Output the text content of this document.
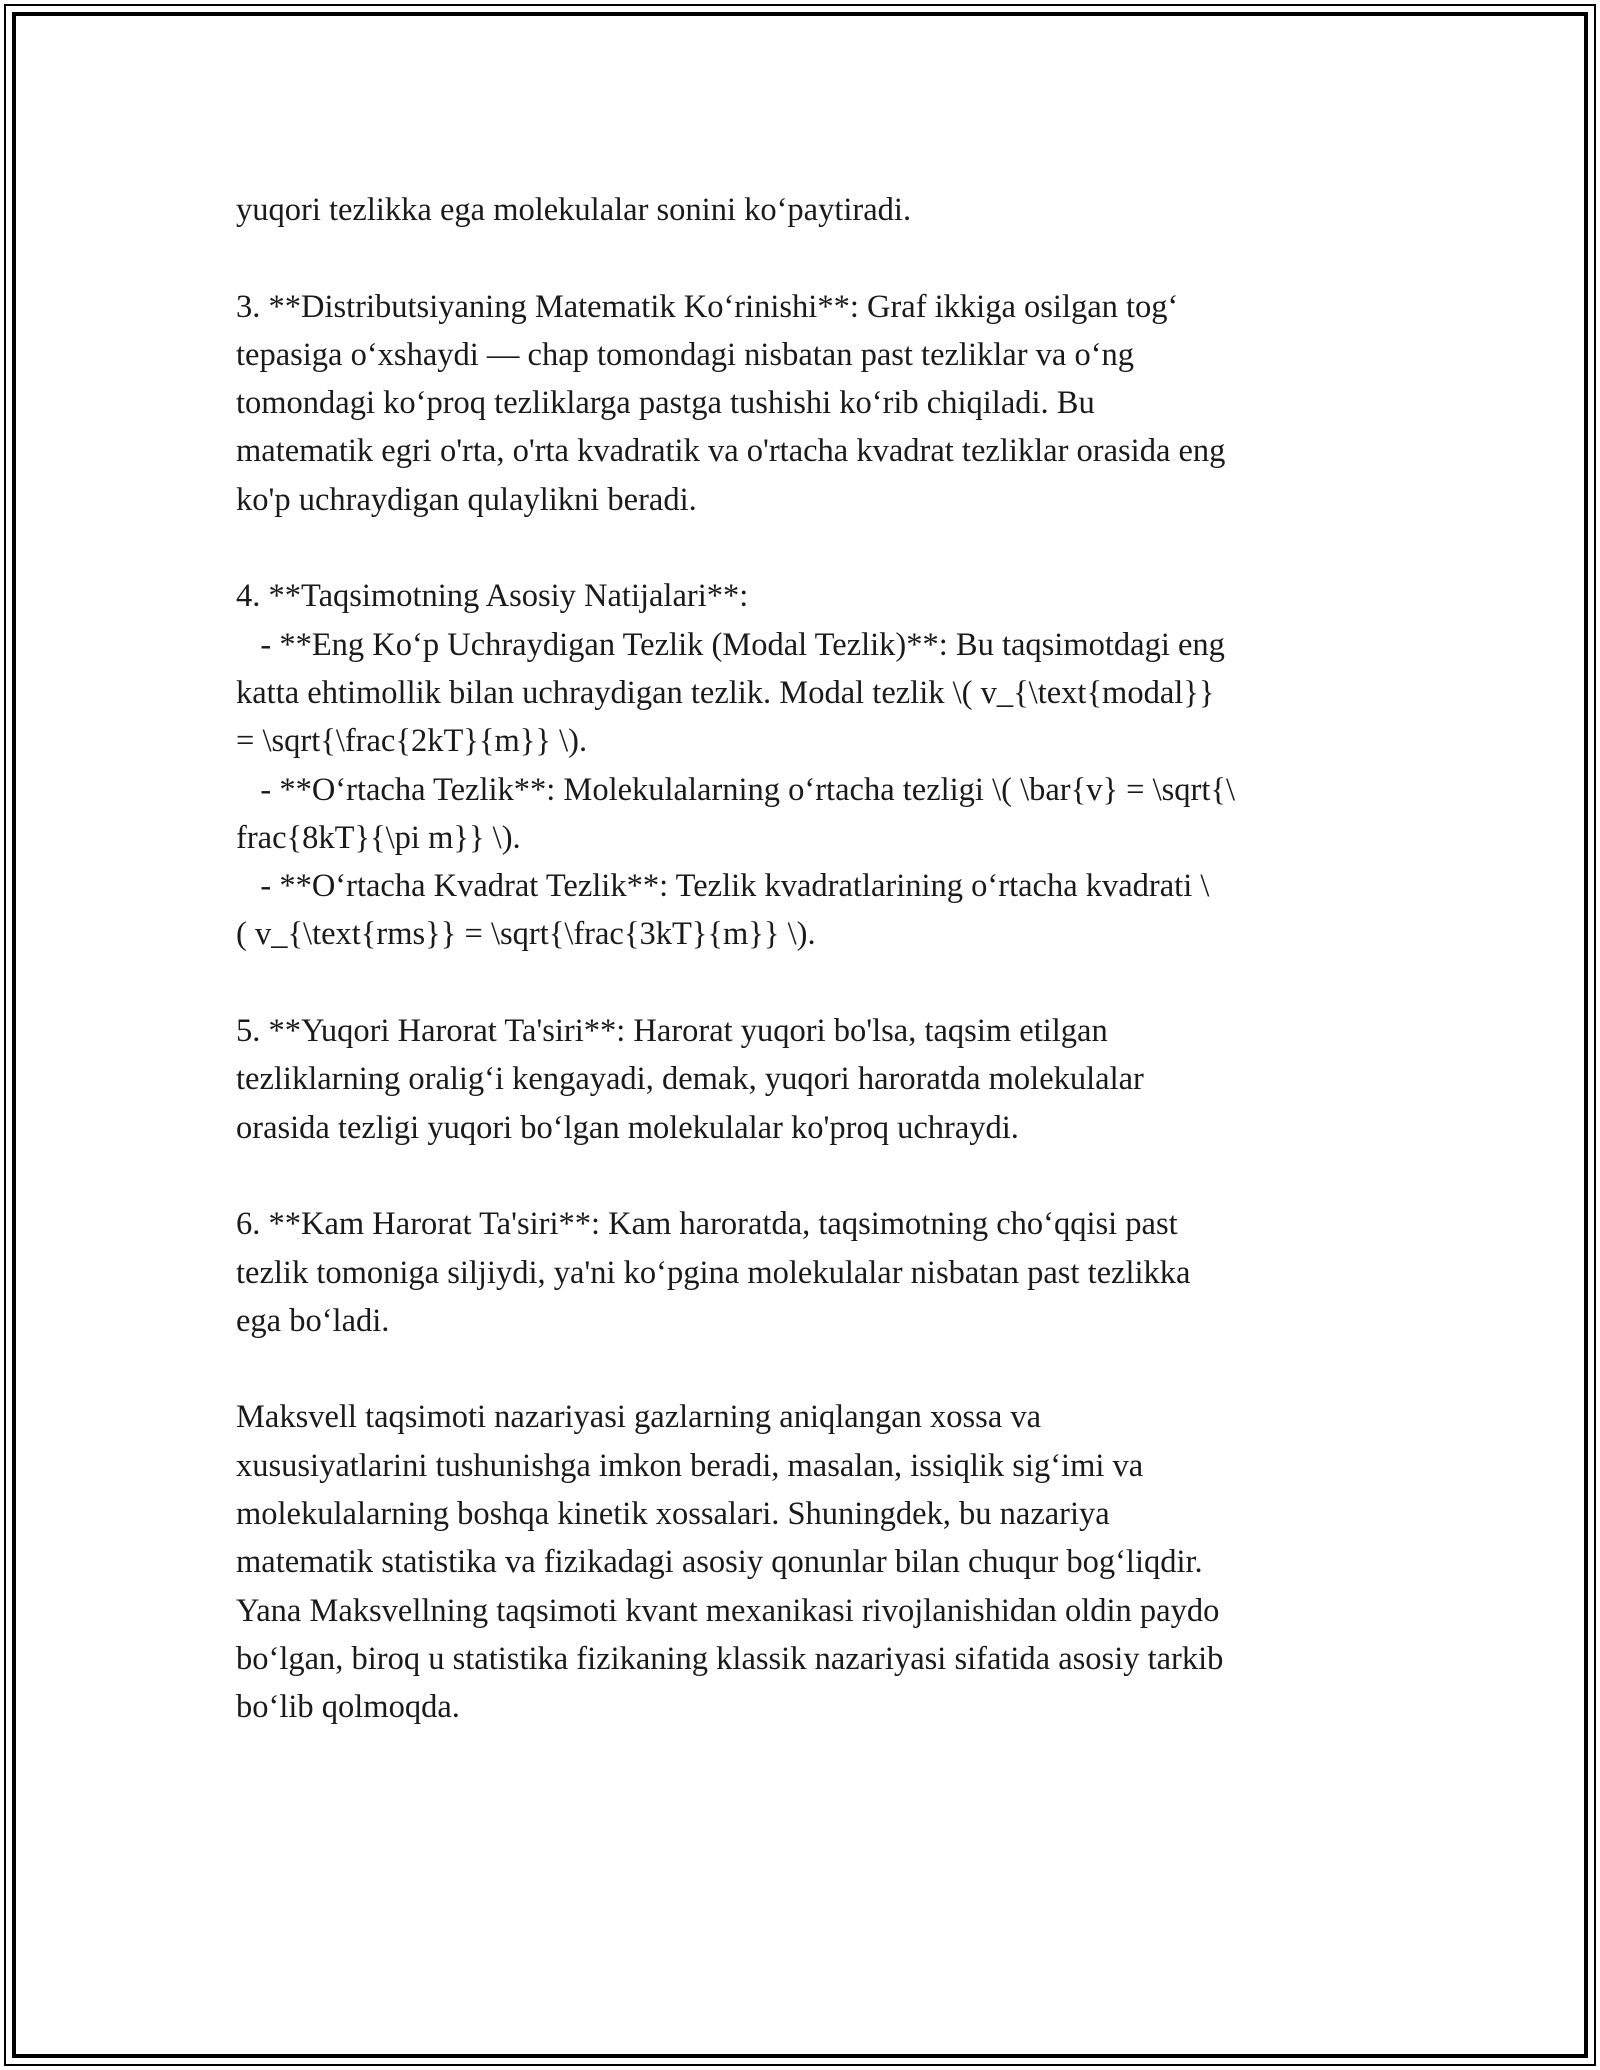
yuqori tezlikka ega molekulalar sonini ko‘paytiradi.
3. **Distributsiyaning Matematik Ko‘rinishi**: Graf ikkiga osilgan tog‘
tepasiga o‘xshaydi — chap tomondagi nisbatan past tezliklar va o‘ng
tomondagi ko‘proq tezliklarga pastga tushishi ko‘rib chiqiladi. Bu
matematik egri o'rta, o'rta kvadratik va o'rtacha kvadrat tezliklar orasida eng
ko'p uchraydigan qulaylikni beradi.
4. **Taqsimotning Asosiy Natijalari**:
- **Eng Ko‘p Uchraydigan Tezlik (Modal Tezlik)**: Bu taqsimotdagi eng
katta ehtimollik bilan uchraydigan tezlik. Modal tezlik \( v_{\text{modal}}
= \sqrt{\frac{2kT}{m}} \).
- **O‘rtacha Tezlik**: Molekulalarning o‘rtacha tezligi \( \bar{v} = \sqrt{\
frac{8kT}{\pi m}} \).
- **O‘rtacha Kvadrat Tezlik**: Tezlik kvadratlarining o‘rtacha kvadrati \
( v_{\text{rms}} = \sqrt{\frac{3kT}{m}} \).
5. **Yuqori Harorat Ta'siri**: Harorat yuqori bo'lsa, taqsim etilgan
tezliklarning oralig‘i kengayadi, demak, yuqori haroratda molekulalar
orasida tezligi yuqori bo‘lgan molekulalar ko'proq uchraydi.
6. **Kam Harorat Ta'siri**: Kam haroratda, taqsimotning cho‘qqisi past
tezlik tomoniga siljiydi, ya'ni ko‘pgina molekulalar nisbatan past tezlikka
ega bo‘ladi.
Maksvell taqsimoti nazariyasi gazlarning aniqlangan xossa va
xususiyatlarini tushunishga imkon beradi, masalan, issiqlik sig‘imi va
molekulalarning boshqa kinetik xossalari. Shuningdek, bu nazariya
matematik statistika va fizikadagi asosiy qonunlar bilan chuqur bog‘liqdir.
Yana Maksvellning taqsimoti kvant mexanikasi rivojlanishidan oldin paydo
bo‘lgan, biroq u statistika fizikaning klassik nazariyasi sifatida asosiy tarkib
bo‘lib qolmoqda.
